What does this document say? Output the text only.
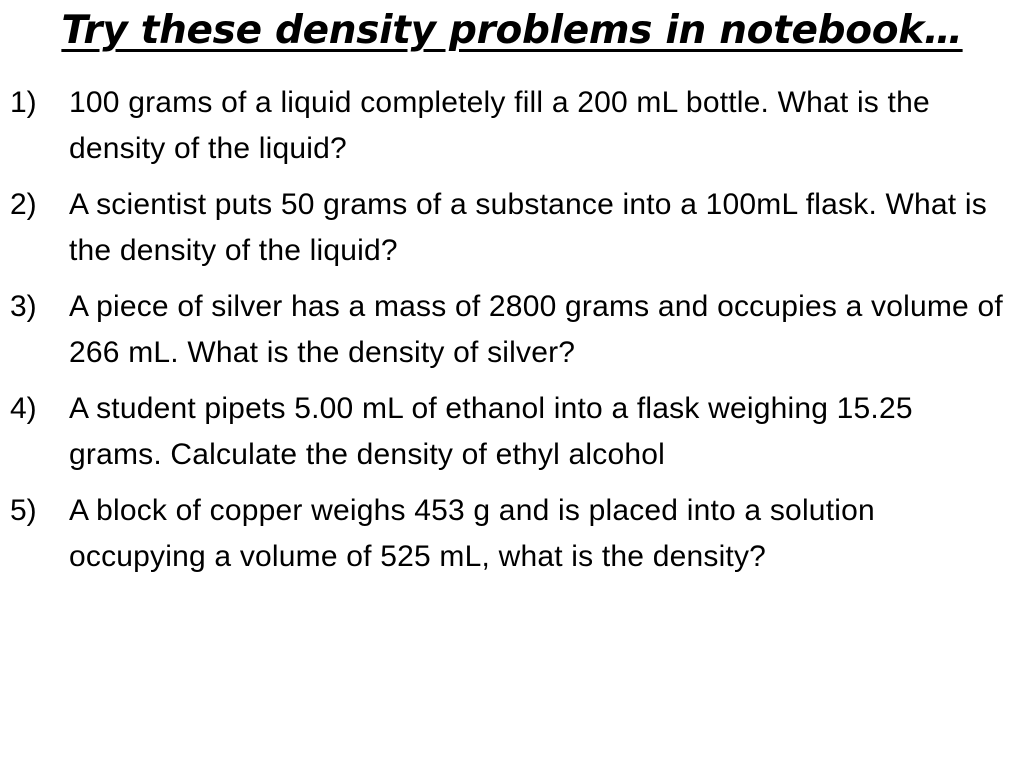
Try these density problems in notebook…
1)	100 grams of a liquid completely fill a 200 mL bottle. What is the density of the liquid?
2)	A scientist puts 50 grams of a substance into a 100mL flask. What is the density of the liquid?
3)	A piece of silver has a mass of 2800 grams and occupies a volume of 266 mL. What is the density of silver?
4)	A student pipets 5.00 mL of ethanol into a flask weighing 15.25 grams. Calculate the density of ethyl alcohol
5)	A block of copper weighs 453 g and is placed into a solution occupying a volume of 525 mL, what is the density?
